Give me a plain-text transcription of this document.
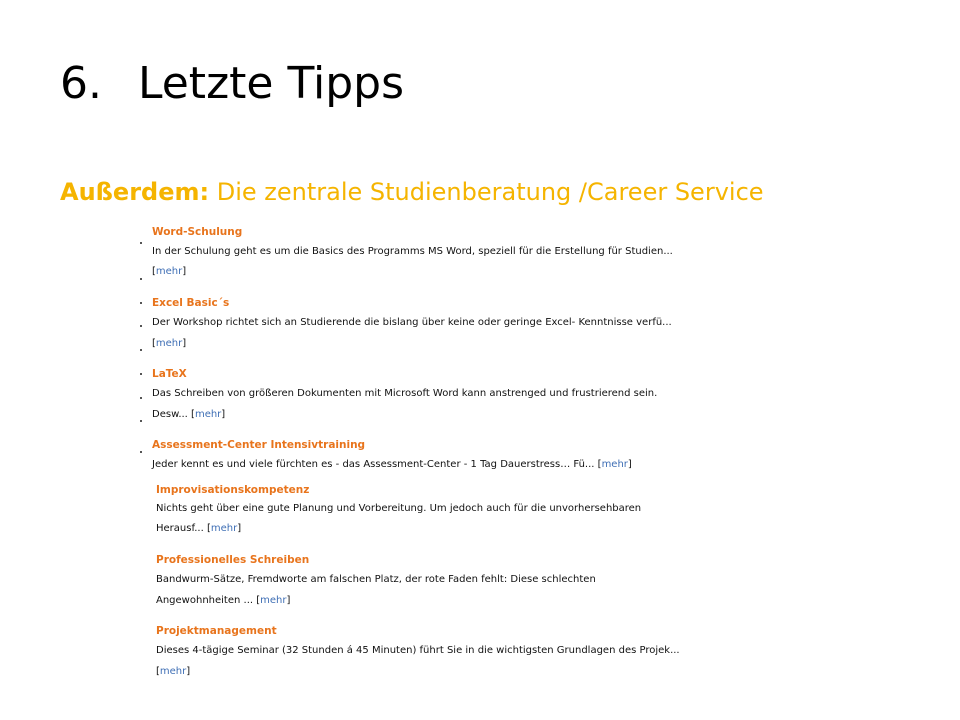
6. Letzte Tipps
Außerdem: Die zentrale Studienberatung /Career Service
Word-Schulung
In der Schulung geht es um die Basics des Programms MS Word, speziell für die Erstellung für Studien...
[mehr]
Excel Basic´s
Der Workshop richtet sich an Studierende die bislang über keine oder geringe Excel- Kenntnisse verfü...
[mehr]
LaTeX
Das Schreiben von größeren Dokumenten mit Microsoft Word kann anstrenged und frustrierend sein.
Desw... [mehr]
Assessment-Center Intensivtraining
Jeder kennt es und viele fürchten es - das Assessment-Center - 1 Tag Dauerstress… Fü... [mehr]
Improvisationskompetenz
Nichts geht über eine gute Planung und Vorbereitung. Um jedoch auch für die unvorhersehbaren
Herausf... [mehr]
Professionelles Schreiben
Bandwurm-Sätze, Fremdworte am falschen Platz, der rote Faden fehlt: Diese schlechten
Angewohnheiten ... [mehr]
Projektmanagement
Dieses 4-tägige Seminar (32 Stunden á 45 Minuten) führt Sie in die wichtigsten Grundlagen des Projek...
[mehr]
